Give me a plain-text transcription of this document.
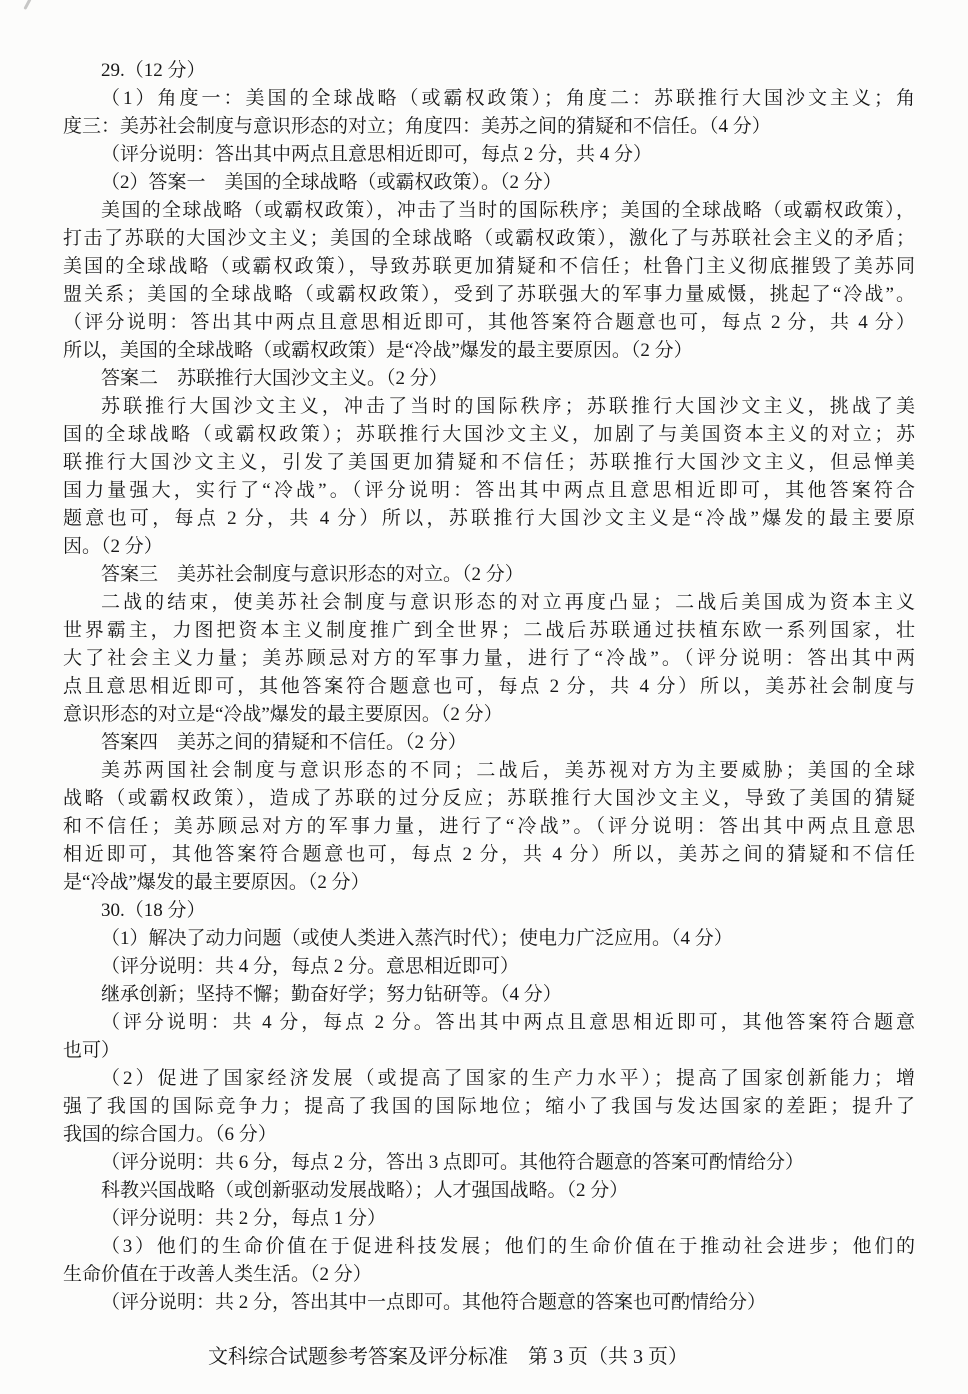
29.（12 分）
（1）角度一：美国的全球战略（或霸权政策）；角度二：苏联推行大国沙文主义；角
度三：美苏社会制度与意识形态的对立；角度四：美苏之间的猜疑和不信任。（4 分）
（评分说明：答出其中两点且意思相近即可，每点 2 分，共 4 分）
（2）答案一　美国的全球战略（或霸权政策）。（2 分）
美国的全球战略（或霸权政策），冲击了当时的国际秩序；美国的全球战略（或霸权政策），
打击了苏联的大国沙文主义；美国的全球战略（或霸权政策），激化了与苏联社会主义的矛盾；
美国的全球战略（或霸权政策），导致苏联更加猜疑和不信任；杜鲁门主义彻底摧毁了美苏同
盟关系；美国的全球战略（或霸权政策），受到了苏联强大的军事力量威慑，挑起了“冷战”。
（评分说明：答出其中两点且意思相近即可，其他答案符合题意也可，每点 2 分，共 4 分）
所以，美国的全球战略（或霸权政策）是“冷战”爆发的最主要原因。（2 分）
答案二　苏联推行大国沙文主义。（2 分）
苏联推行大国沙文主义，冲击了当时的国际秩序；苏联推行大国沙文主义，挑战了美
国的全球战略（或霸权政策）；苏联推行大国沙文主义，加剧了与美国资本主义的对立；苏
联推行大国沙文主义，引发了美国更加猜疑和不信任；苏联推行大国沙文主义，但忌惮美
国力量强大，实行了“冷战”。（评分说明：答出其中两点且意思相近即可，其他答案符合
题意也可，每点 2 分，共 4 分）所以，苏联推行大国沙文主义是“冷战”爆发的最主要原
因。（2 分）
答案三　美苏社会制度与意识形态的对立。（2 分）
二战的结束，使美苏社会制度与意识形态的对立再度凸显；二战后美国成为资本主义
世界霸主，力图把资本主义制度推广到全世界；二战后苏联通过扶植东欧一系列国家，壮
大了社会主义力量；美苏顾忌对方的军事力量，进行了“冷战”。（评分说明：答出其中两
点且意思相近即可，其他答案符合题意也可，每点 2 分，共 4 分）所以，美苏社会制度与
意识形态的对立是“冷战”爆发的最主要原因。（2 分）
答案四　美苏之间的猜疑和不信任。（2 分）
美苏两国社会制度与意识形态的不同；二战后，美苏视对方为主要威胁；美国的全球
战略（或霸权政策），造成了苏联的过分反应；苏联推行大国沙文主义，导致了美国的猜疑
和不信任；美苏顾忌对方的军事力量，进行了“冷战”。（评分说明：答出其中两点且意思
相近即可，其他答案符合题意也可，每点 2 分，共 4 分）所以，美苏之间的猜疑和不信任
是“冷战”爆发的最主要原因。（2 分）
30.（18 分）
（1）解决了动力问题（或使人类进入蒸汽时代）；使电力广泛应用。（4 分）
（评分说明：共 4 分，每点 2 分。意思相近即可）
继承创新；坚持不懈；勤奋好学；努力钻研等。（4 分）
（评分说明：共 4 分，每点 2 分。答出其中两点且意思相近即可，其他答案符合题意
也可）
（2）促进了国家经济发展（或提高了国家的生产力水平）；提高了国家创新能力；增
强了我国的国际竞争力；提高了我国的国际地位；缩小了我国与发达国家的差距；提升了
我国的综合国力。（6 分）
（评分说明：共 6 分，每点 2 分，答出 3 点即可。其他符合题意的答案可酌情给分）
科教兴国战略（或创新驱动发展战略）；人才强国战略。（2 分）
（评分说明：共 2 分，每点 1 分）
（3）他们的生命价值在于促进科技发展；他们的生命价值在于推动社会进步；他们的
生命价值在于改善人类生活。（2 分）
（评分说明：共 2 分，答出其中一点即可。其他符合题意的答案也可酌情给分）
文科综合试题参考答案及评分标准　第 3 页（共 3 页）
